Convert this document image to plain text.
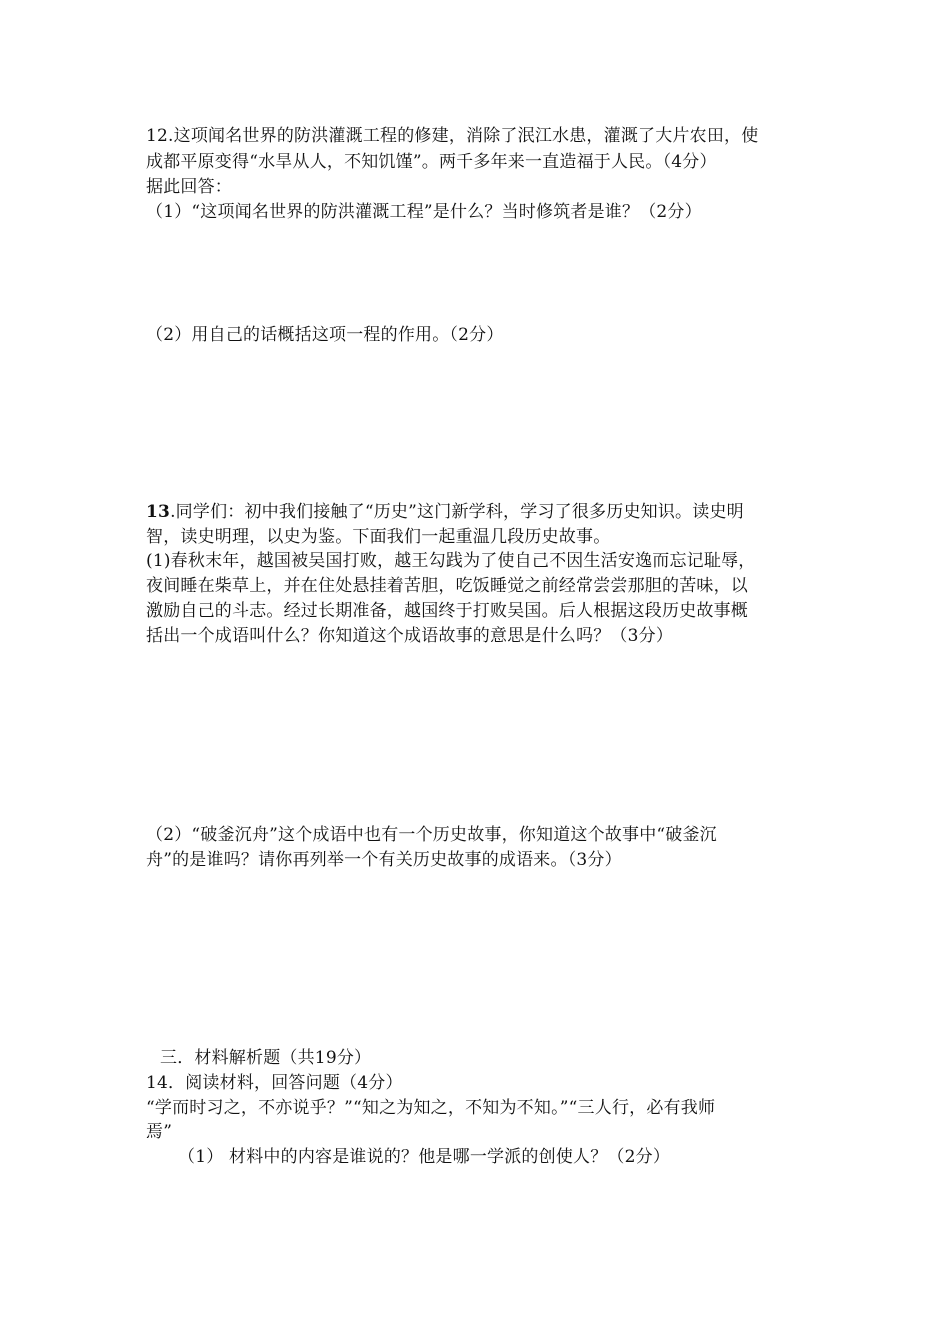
12.这项闻名世界的防洪灌溉工程的修建，消除了泯江水患，灌溉了大片农田，使
成都平原变得“水旱从人，不知饥馑”。两千多年来一直造福于人民。（4分）
据此回答：
（1）“这项闻名世界的防洪灌溉工程”是什么？当时修筑者是谁？（2分）
（2）用自己的话概括这项一程的作用。（2分）
13.同学们：初中我们接触了“历史”这门新学科，学习了很多历史知识。读史明
智，读史明理，以史为鉴。下面我们一起重温几段历史故事。
(1)春秋末年，越国被吴国打败，越王勾践为了使自己不因生活安逸而忘记耻辱，
夜间睡在柴草上，并在住处悬挂着苦胆，吃饭睡觉之前经常尝尝那胆的苦味，以
激励自己的斗志。经过长期准备，越国终于打败吴国。后人根据这段历史故事概
括出一个成语叫什么？你知道这个成语故事的意思是什么吗？（3分）
（2）“破釜沉舟”这个成语中也有一个历史故事，你知道这个故事中“破釜沉
舟”的是谁吗？请你再列举一个有关历史故事的成语来。（3分）
三．材料解析题（共19分）
14．阅读材料，回答问题（4分）
“学而时习之，不亦说乎？”“知之为知之，不知为不知。”“三人行，必有我师
焉”
（1） 材料中的内容是谁说的？他是哪一学派的创使人？（2分）
